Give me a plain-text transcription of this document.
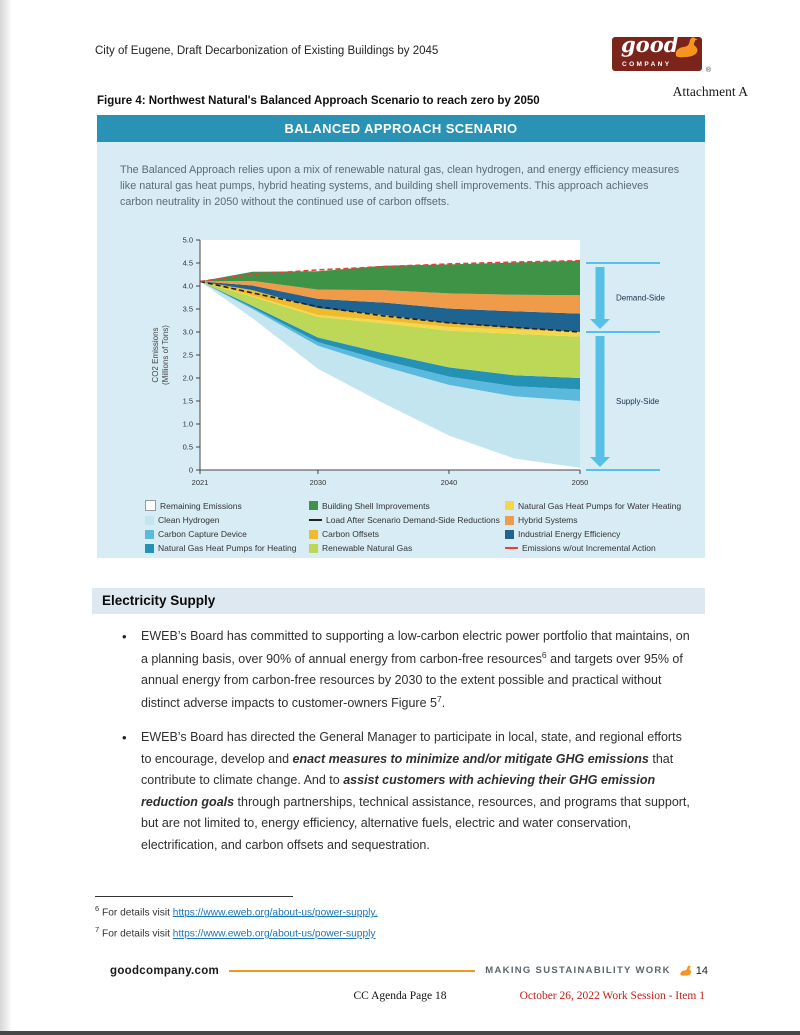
City of Eugene, Draft Decarbonization of Existing Buildings by 2045	good
COMPANY
®
Attachment A
Figure 4: Northwest Natural's Balanced Approach Scenario to reach zero by 2050
BALANCED APPROACH SCENARIO
The Balanced Approach relies upon a mix of renewable natural gas, clean hydrogen, and energy efficiency measures like natural gas heat pumps, hybrid heating systems, and building shell improvements. This approach achieves carbon neutrality in 2050 without the continued use of carbon offsets.
0
0.5
1.0
1.5
2.0
2.5
3.0
3.5
4.0
4.5
5.0
2021	2030	2040	2050
CO2 Emissions(Millions of Tons)
Demand-Side
Supply-Side
Remaining Emissions	Building Shell Improvements	Natural Gas Heat Pumps for Water Heating
Clean Hydrogen	Load After Scenario Demand-Side Reductions Hybrid Systems
Carbon Capture Device	Carbon Offsets	Industrial Energy Efficiency
Natural Gas Heat Pumps for Heating	Renewable Natural Gas	Emissions w/out Incremental Action
Electricity Supply
• EWEB’s Board has committed to supporting a low-carbon electric power portfolio that maintains, on a planning basis, over 90% of annual energy from carbon-free resources$^6$ and targets over 95% of annual energy from carbon-free resources by 2030 to the extent possible and practical without distinct adverse impacts to customer-owners Figure $5^7$.
• EWEB’s Board has directed the General Manager to participate in local, state, and regional efforts to encourage, develop and enact measures to minimize and/or mitigate GHG emissions that contribute to climate change. And to assist customers with achieving their GHG emission reduction goals through partnerships, technical assistance, resources, and programs that support, but are not limited to, energy efficiency, alternative fuels, electric and water conservation, electrification, and carbon offsets and sequestration.
$^6$ For details visit https://www.eweb.org/about-us/power-supply.
$^7$ For details visit https://www.eweb.org/about-us/power-supply
goodcompany.com	MAKING SUSTAINABILITY WORK 14
CC Agenda Page 18	October 26, 2022 Work Session - Item 1
